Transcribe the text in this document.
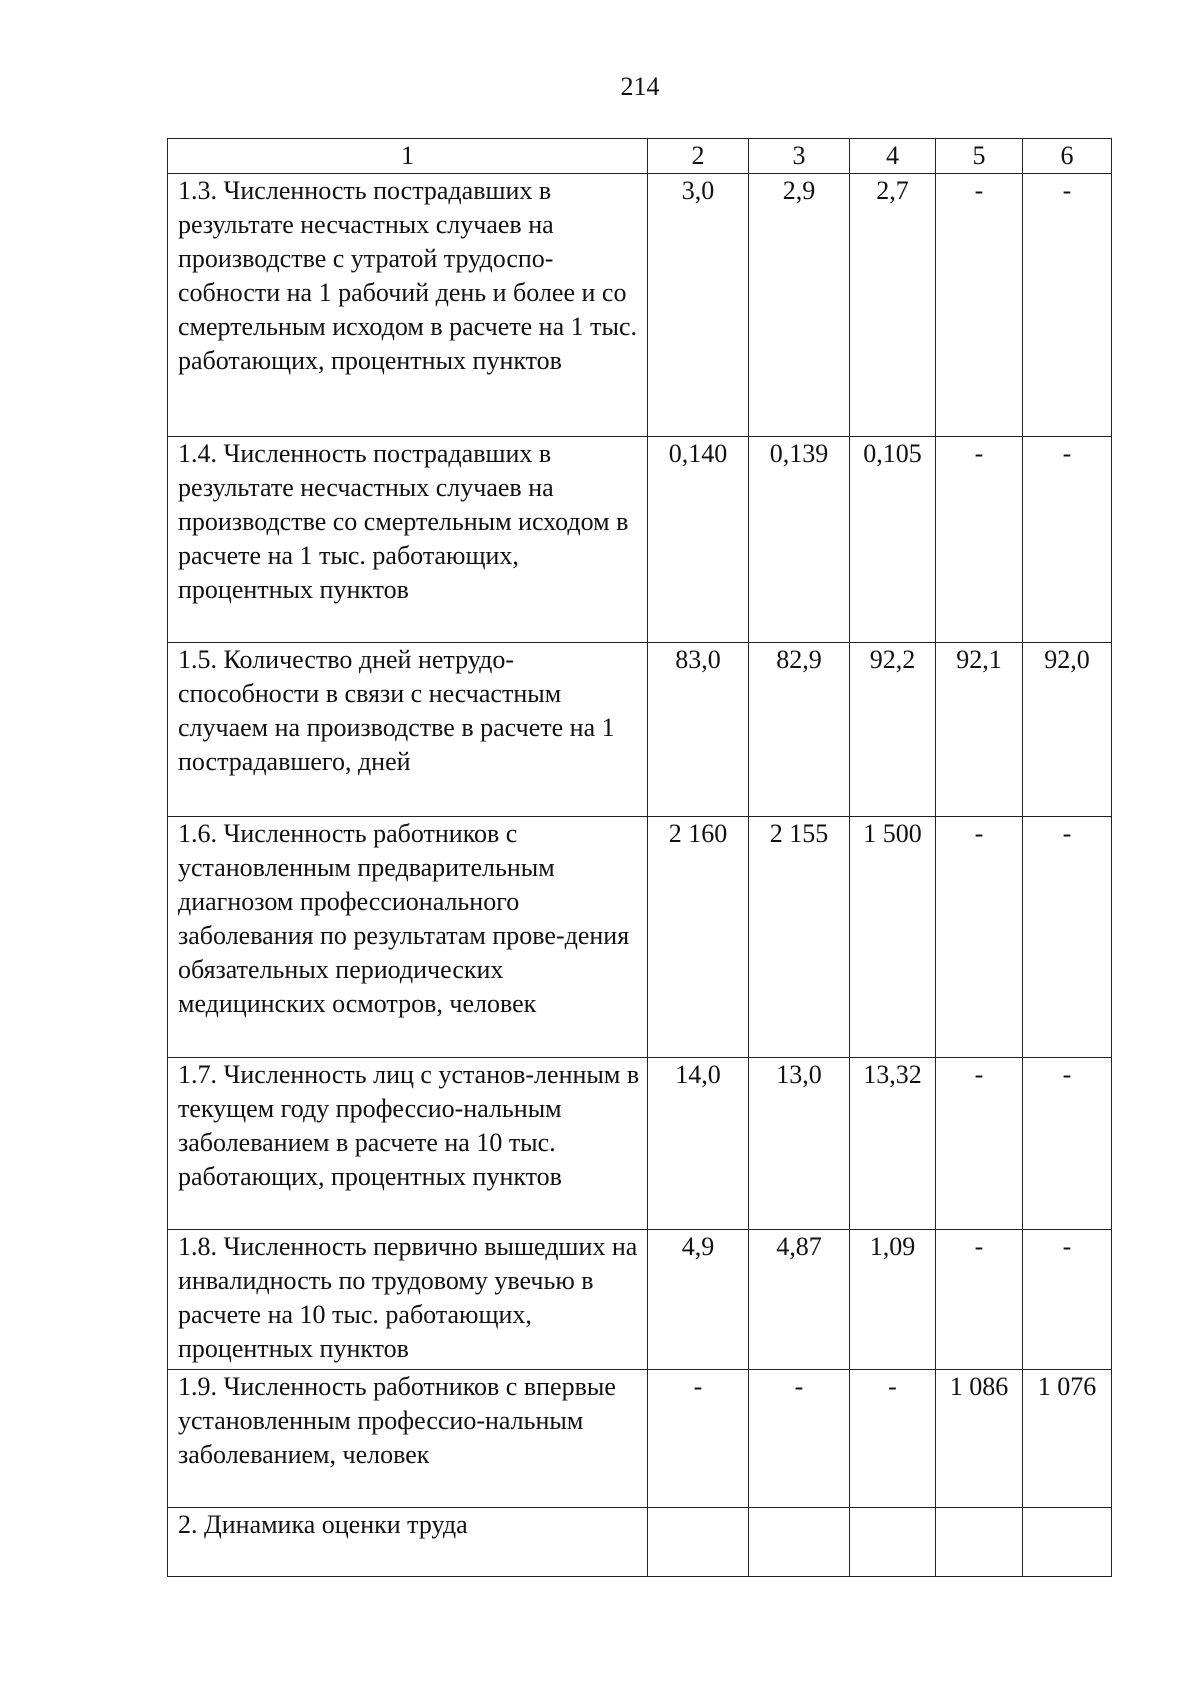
214
1	2	3	4	5	6
1.3. Численность пострадавших в результате несчастных случаев на производстве с утратой трудоспо-собности на 1 рабочий день и более и со смертельным исходом в расчете на 1 тыс. работающих, процентных пунктов	3,0	2,9	2,7	-	-
1.4. Численность пострадавших в результате несчастных случаев на производстве со смертельным исходом в расчете на 1 тыс. работающих, процентных пунктов	0,140	0,139	0,105	-	-
1.5. Количество дней нетрудо-способности в связи с несчастным случаем на производстве в расчете на 1 пострадавшего, дней	83,0	82,9	92,2	92,1	92,0
1.6. Численность работников с установленным предварительным диагнозом профессионального заболевания по результатам прове-дения обязательных периодических медицинских осмотров, человек	2 160	2 155	1 500	-	-
1.7. Численность лиц с установ-ленным в текущем году профессио-нальным заболеванием в расчете на 10 тыс. работающих, процентных пунктов	14,0	13,0	13,32	-	-
1.8. Численность первично вышедших на инвалидность по трудовому увечью в расчете на 10 тыс. работающих, процентных пунктов	4,9	4,87	1,09	-	-
1.9. Численность работников с впервые установленным профессио-нальным заболеванием, человек	-	-	-	1 086	1 076
2. Динамика оценки труда					
